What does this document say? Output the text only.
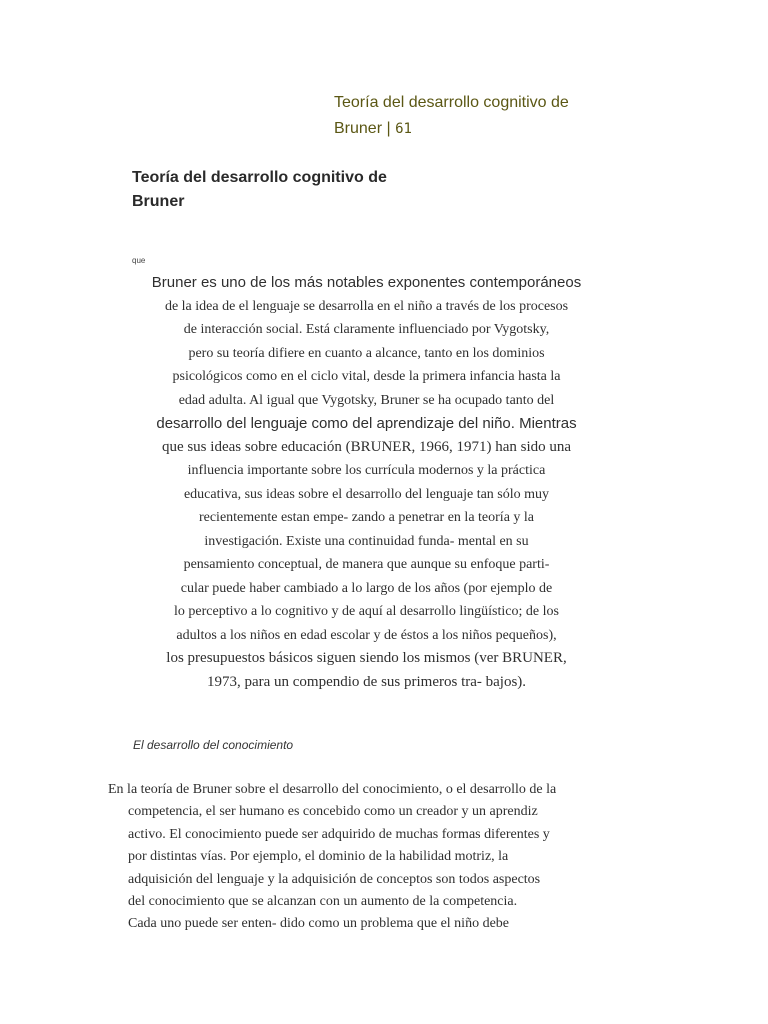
Teoría del desarrollo cognitivo de
Bruner | 61
Teoría del desarrollo cognitivo de
Bruner
que
Bruner es uno de los más notables exponentes contemporáneos
de la idea de el lenguaje se desarrolla en el niño a través de los procesos
de interacción social. Está claramente influenciado por Vygotsky,
pero su teoría difiere en cuanto a alcance, tanto en los dominios
psicológicos como en el ciclo vital, desde la primera infancia hasta la
edad adulta. Al igual que Vygotsky, Bruner se ha ocupado tanto del
desarrollo del lenguaje como del aprendizaje del niño. Mientras
que sus ideas sobre educación (BRUNER, 1966, 1971) han sido una
influencia importante sobre los currícula modernos y la práctica
educativa, sus ideas sobre el desarrollo del lenguaje tan sólo muy
recientemente estan empe- zando a penetrar en la teoría y la
investigación. Existe una continuidad funda- mental en su
pensamiento conceptual, de manera que aunque su enfoque parti-
cular puede haber cambiado a lo largo de los años (por ejemplo de
lo perceptivo a lo cognitivo y de aquí al desarrollo lingüístico; de los
adultos a los niños en edad escolar y de éstos a los niños pequeños),
los presupuestos básicos siguen siendo los mismos (ver BRUNER,
1973, para un compendio de sus primeros tra- bajos).
El desarrollo del conocimiento
En la teoría de Bruner sobre el desarrollo del conocimiento, o el desarrollo de la
competencia, el ser humano es concebido como un creador y un aprendiz
activo. El conocimiento puede ser adquirido de muchas formas diferentes y
por distintas vías. Por ejemplo, el dominio de la habilidad motriz, la
adquisición del lenguaje y la adquisición de conceptos son todos aspectos
del conocimiento que se alcanzan con un aumento de la competencia.
Cada uno puede ser enten- dido como un problema que el niño debe
